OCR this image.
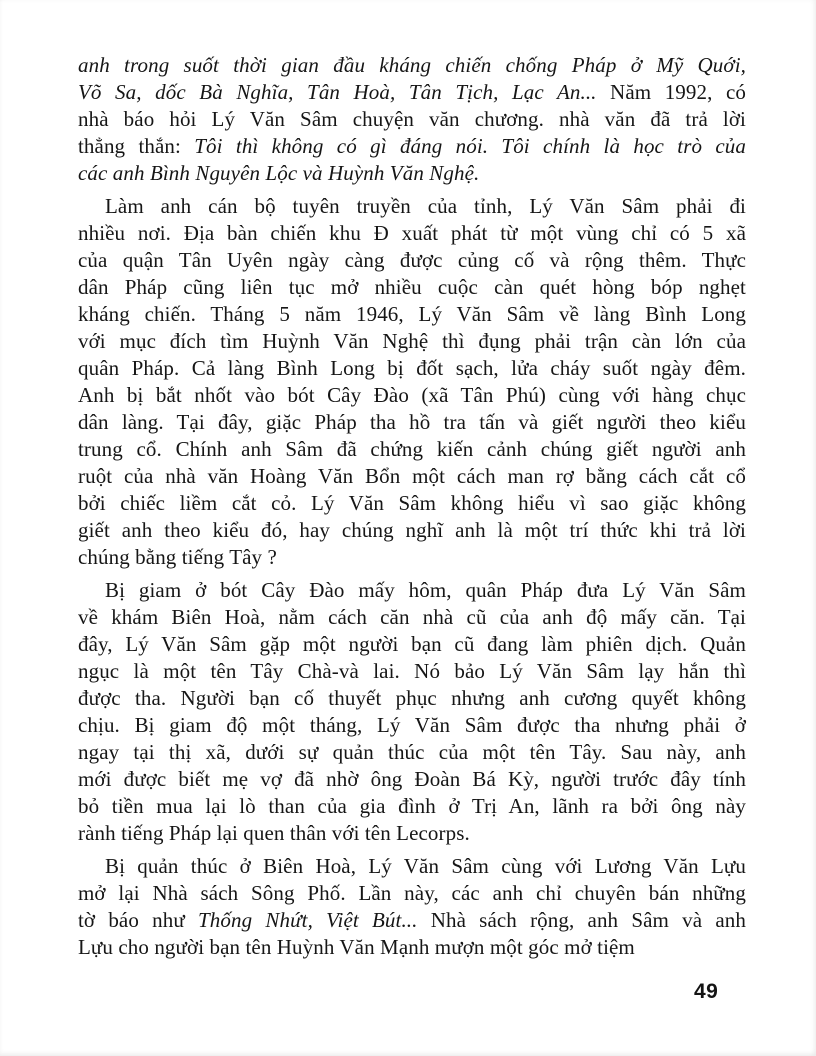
anh trong suốt thời gian đầu kháng chiến chống Pháp ở Mỹ Quới,
Võ Sa, dốc Bà Nghĩa, Tân Hoà, Tân Tịch, Lạc An... Năm 1992, có
nhà báo hỏi Lý Văn Sâm chuyện văn chương. nhà văn đã trả lời
thẳng thắn: Tôi thì không có gì đáng nói. Tôi chính là học trò của
các anh Bình Nguyên Lộc và Huỳnh Văn Nghệ.
Làm anh cán bộ tuyên truyền của tỉnh, Lý Văn Sâm phải đi
nhiều nơi. Địa bàn chiến khu Đ xuất phát từ một vùng chỉ có 5 xã
của quận Tân Uyên ngày càng được củng cố và rộng thêm. Thực
dân Pháp cũng liên tục mở nhiều cuộc càn quét hòng bóp nghẹt
kháng chiến. Tháng 5 năm 1946, Lý Văn Sâm về làng Bình Long
với mục đích tìm Huỳnh Văn Nghệ thì đụng phải trận càn lớn của
quân Pháp. Cả làng Bình Long bị đốt sạch, lửa cháy suốt ngày đêm.
Anh bị bắt nhốt vào bót Cây Đào (xã Tân Phú) cùng với hàng chục
dân làng. Tại đây, giặc Pháp tha hồ tra tấn và giết người theo kiểu
trung cổ. Chính anh Sâm đã chứng kiến cảnh chúng giết người anh
ruột của nhà văn Hoàng Văn Bổn một cách man rợ bằng cách cắt cổ
bởi chiếc liềm cắt cỏ. Lý Văn Sâm không hiểu vì sao giặc không
giết anh theo kiểu đó, hay chúng nghĩ anh là một trí thức khi trả lời
chúng bằng tiếng Tây ?
Bị giam ở bót Cây Đào mấy hôm, quân Pháp đưa Lý Văn Sâm
về khám Biên Hoà, nằm cách căn nhà cũ của anh độ mấy căn. Tại
đây, Lý Văn Sâm gặp một người bạn cũ đang làm phiên dịch. Quản
ngục là một tên Tây Chà-và lai. Nó bảo Lý Văn Sâm lạy hắn thì
được tha. Người bạn cố thuyết phục nhưng anh cương quyết không
chịu. Bị giam độ một tháng, Lý Văn Sâm được tha nhưng phải ở
ngay tại thị xã, dưới sự quản thúc của một tên Tây. Sau này, anh
mới được biết mẹ vợ đã nhờ ông Đoàn Bá Kỳ, người trước đây tính
bỏ tiền mua lại lò than của gia đình ở Trị An, lãnh ra bởi ông này
rành tiếng Pháp lại quen thân với tên Lecorps.
Bị quản thúc ở Biên Hoà, Lý Văn Sâm cùng với Lương Văn Lựu
mở lại Nhà sách Sông Phố. Lần này, các anh chỉ chuyên bán những
tờ báo như Thống Nhứt, Việt Bút... Nhà sách rộng, anh Sâm và anh
Lựu cho người bạn tên Huỳnh Văn Mạnh mượn một góc mở tiệm
49
